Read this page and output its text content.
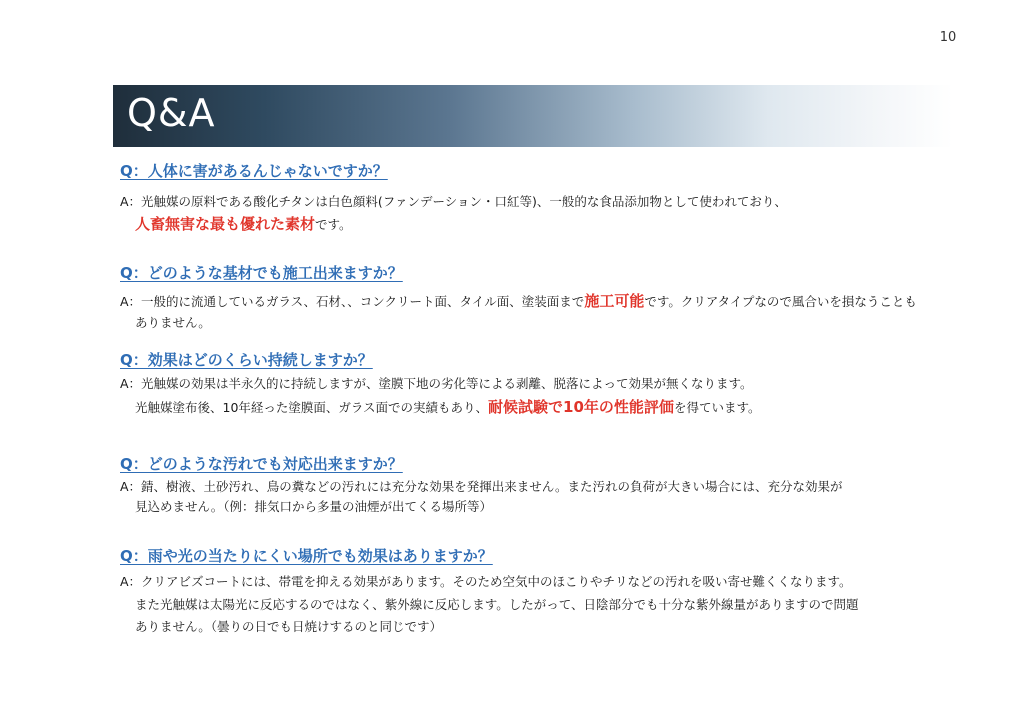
10
Q&A
Q：人体に害があるんじゃないですか？
A：光触媒の原料である酸化チタンは白色顔料(ファンデーション・口紅等)、一般的な食品添加物として使われており、
人畜無害な最も優れた素材です。
Q：どのような基材でも施工出来ますか？
A：一般的に流通しているガラス、石材、、コンクリート面、タイル面、塗装面まで施工可能です。クリアタイプなので風合いを損なうことも
ありません。
Q：効果はどのくらい持続しますか？
A：光触媒の効果は半永久的に持続しますが、塗膜下地の劣化等による剥離、脱落によって効果が無くなります。
光触媒塗布後、10年経った塗膜面、ガラス面での実績もあり、耐候試験で10年の性能評価を得ています。
Q：どのような汚れでも対応出来ますか？
A：錆、樹液、土砂汚れ、鳥の糞などの汚れには充分な効果を発揮出来ません。また汚れの負荷が大きい場合には、充分な効果が
見込めません。（例：排気口から多量の油煙が出てくる場所等）
Q：雨や光の当たりにくい場所でも効果はありますか？
A：クリアビズコートには、帯電を抑える効果があります。そのため空気中のほこりやチリなどの汚れを吸い寄せ難くくなります。
また光触媒は太陽光に反応するのではなく、紫外線に反応します。したがって、日陰部分でも十分な紫外線量がありますので問題
ありません。（曇りの日でも日焼けするのと同じです）
